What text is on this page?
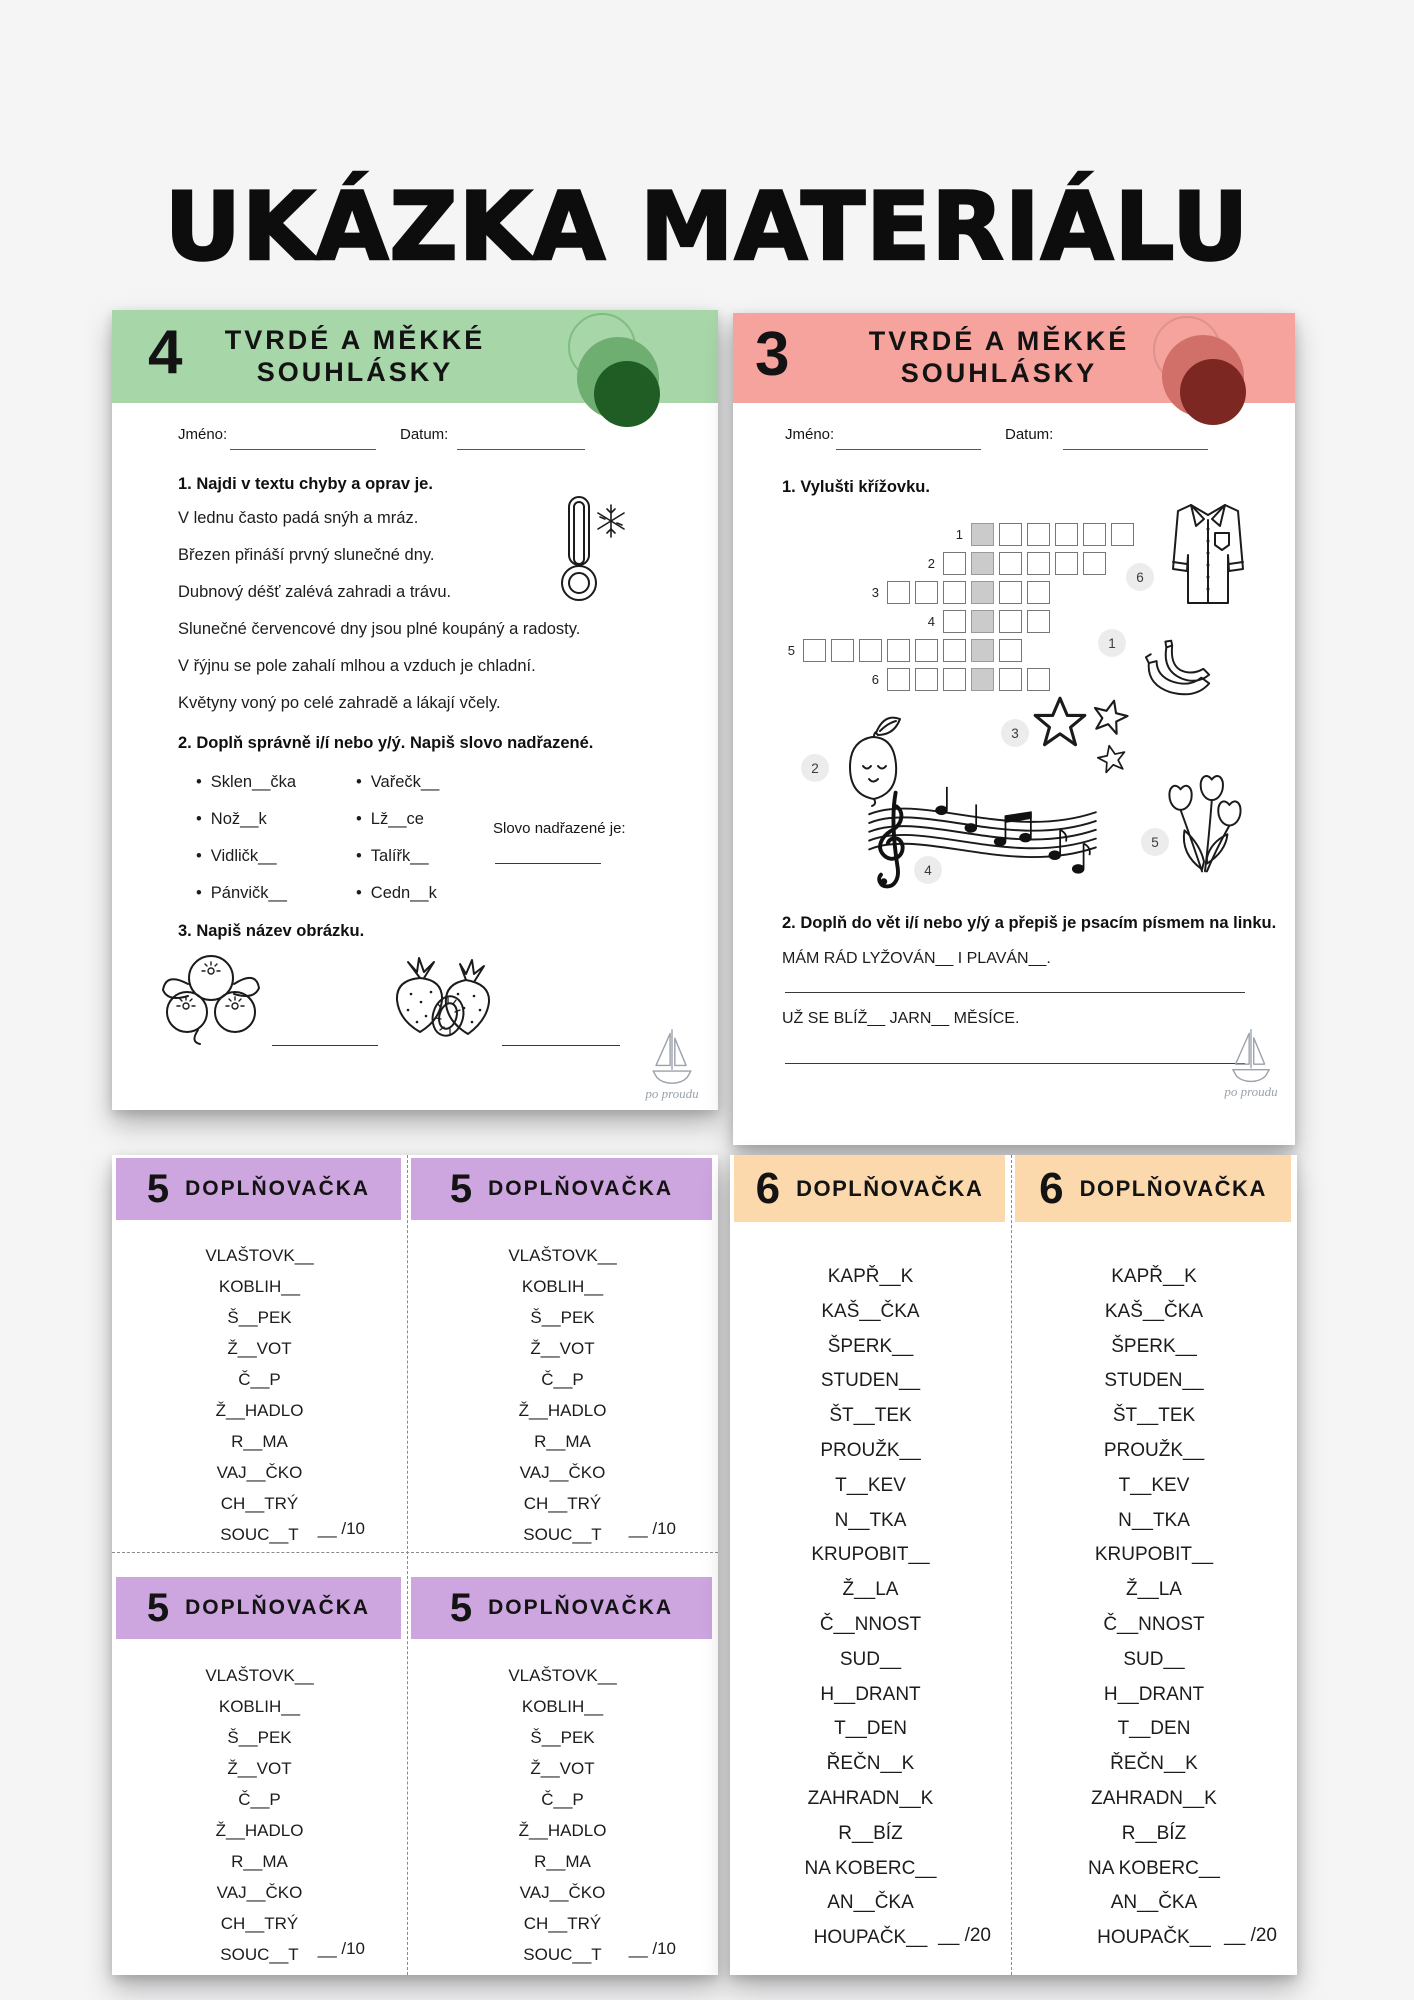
UKÁZKA MATERIÁLU
4	TVRDÉ A MĚKKÉ
SOUHLÁSKY
Jméno:	Datum:
1. Najdi v textu chyby a oprav je.
V lednu často padá snýh a mráz.
Březen přináší prvný slunečné dny.
Dubnový déšť zalévá zahradi a trávu.
Slunečné červencové dny jsou plné koupáný a radosty.
V řýjnu se pole zahalí mlhou a vzduch je chladní.
Květyny voný po celé zahradě a lákají včely.
2. Doplň správně i/í nebo y/ý. Napiš slovo nadřazené.
• Sklen__čka
• Nož__k
• Vidličk__
• Pánvičk__
• Vařečk__
• Lž__ce
• Talířk__
• Cedn__k
Slovo nadřazené je:
3. Napiš název obrázku.
po proudu
3	TVRDÉ A MĚKKÉ
SOUHLÁSKY
Jméno:	Datum:
1. Vylušti křížovku.
1
2
3
4
5
6
6
1
2
3
4
5
2. Doplň do vět i/í nebo y/ý a přepiš je psacím písmem na linku.
MÁM RÁD LYŽOVÁN__ I PLAVÁN__.
UŽ SE BLÍŽ__ JARN__ MĚSÍCE.
po proudu
5 DOPLŇOVAČKA
VLAŠTOVK__
KOBLIH__
Š__PEK
Ž__VOT
Č__P
Ž__HADLO
R__MA
VAJ__ČKO
CH__TRÝ
SOUC__T	__ /10
5 DOPLŇOVAČKA
VLAŠTOVK__
KOBLIH__
Š__PEK
Ž__VOT
Č__P
Ž__HADLO
R__MA
VAJ__ČKO
CH__TRÝ
SOUC__T	__ /10
5 DOPLŇOVAČKA
VLAŠTOVK__
KOBLIH__
Š__PEK
Ž__VOT
Č__P
Ž__HADLO
R__MA
VAJ__ČKO
CH__TRÝ
SOUC__T	__ /10
5 DOPLŇOVAČKA
VLAŠTOVK__
KOBLIH__
Š__PEK
Ž__VOT
Č__P
Ž__HADLO
R__MA
VAJ__ČKO
CH__TRÝ
SOUC__T	__ /10
6 DOPLŇOVAČKA
KAPŘ__K
KAŠ__ČKA
ŠPERK__
STUDEN__
ŠT__TEK
PROUŽK__
T__KEV
N__TKA
KRUPOBIT__
Ž__LA
Č__NNOST
SUD__
H__DRANT
T__DEN
ŘEČN__K
ZAHRADN__K
R__BÍZ
NA KOBERC__
AN__ČKA
HOUPAČK__ __ /20
6 DOPLŇOVAČKA
KAPŘ__K
KAŠ__ČKA
ŠPERK__
STUDEN__
ŠT__TEK
PROUŽK__
T__KEV
N__TKA
KRUPOBIT__
Ž__LA
Č__NNOST
SUD__
H__DRANT
T__DEN
ŘEČN__K
ZAHRADN__K
R__BÍZ
NA KOBERC__
AN__ČKA
HOUPAČK__ __ /20
